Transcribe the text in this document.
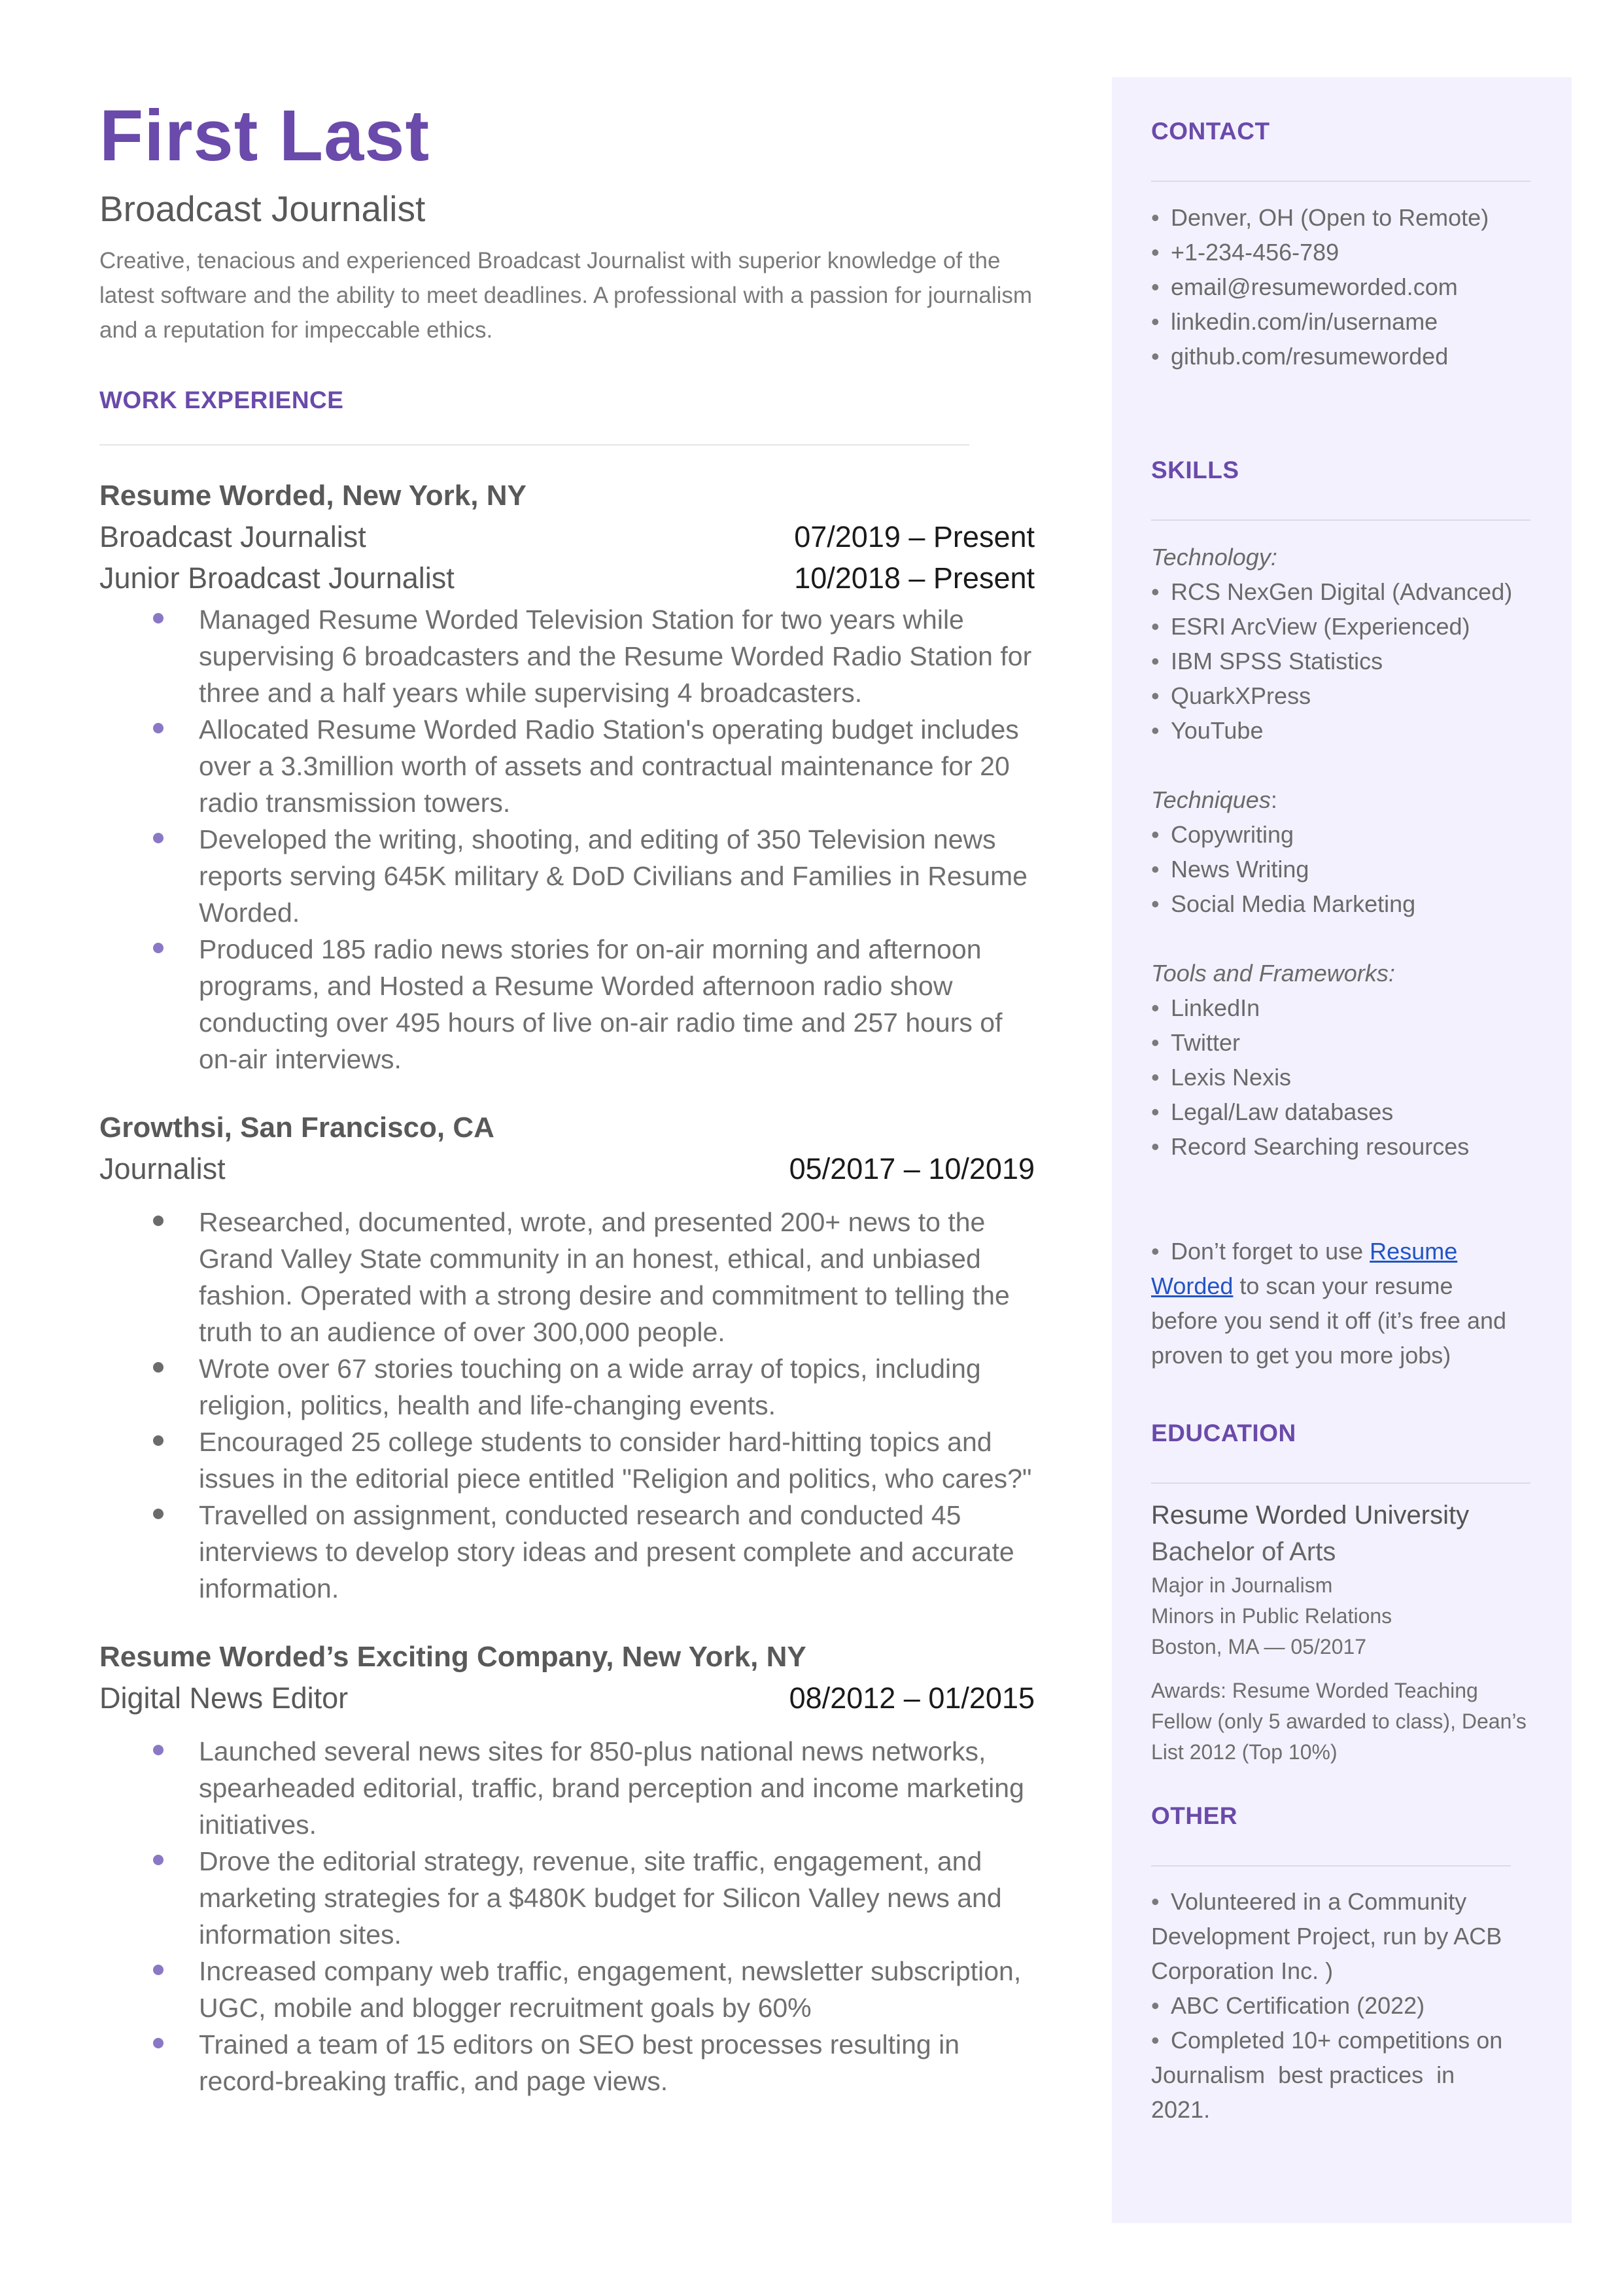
First Last
Broadcast Journalist
Creative, tenacious and experienced Broadcast Journalist with superior knowledge of the latest software and the ability to meet deadlines. A professional with a passion for journalism and a reputation for impeccable ethics.
WORK EXPERIENCE
Resume Worded, New York, NY
Broadcast Journalist	07/2019 – Present
Junior Broadcast Journalist	10/2018 – Present
Managed Resume Worded Television Station for two years while supervising 6 broadcasters and the Resume Worded Radio Station for three and a half years while supervising 4 broadcasters.
Allocated Resume Worded Radio Station's operating budget includes over a 3.3million worth of assets and contractual maintenance for 20 radio transmission towers.
Developed the writing, shooting, and editing of 350 Television news reports serving 645K military & DoD Civilians and Families in Resume Worded.
Produced 185 radio news stories for on-air morning and afternoon programs, and Hosted a Resume Worded afternoon radio show conducting over 495 hours of live on-air radio time and 257 hours of on-air interviews.
Growthsi, San Francisco, CA
Journalist	05/2017 – 10/2019
Researched, documented, wrote, and presented 200+ news to the Grand Valley State community in an honest, ethical, and unbiased fashion. Operated with a strong desire and commitment to telling the truth to an audience of over 300,000 people.
Wrote over 67 stories touching on a wide array of topics, including religion, politics, health and life-changing events.
Encouraged 25 college students to consider hard-hitting topics and issues in the editorial piece entitled "Religion and politics, who cares?"
Travelled on assignment, conducted research and conducted 45 interviews to develop story ideas and present complete and accurate information.
Resume Worded’s Exciting Company, New York, NY
Digital News Editor	08/2012 – 01/2015
Launched several news sites for 850-plus national news networks, spearheaded editorial, traffic, brand perception and income marketing initiatives.
Drove the editorial strategy, revenue, site traffic, engagement, and marketing strategies for a $480K budget for Silicon Valley news and information sites.
Increased company web traffic, engagement, newsletter subscription, UGC, mobile and blogger recruitment goals by 60%
Trained a team of 15 editors on SEO best processes resulting in record-breaking traffic, and page views.
CONTACT
• Denver, OH (Open to Remote)
• +1-234-456-789
• email@resumeworded.com
• linkedin.com/in/username
• github.com/resumeworded
SKILLS
Technology:
• RCS NexGen Digital (Advanced)
• ESRI ArcView (Experienced)
• IBM SPSS Statistics
• QuarkXPress
• YouTube
Techniques:
• Copywriting
• News Writing
• Social Media Marketing
Tools and Frameworks:
• LinkedIn
• Twitter
• Lexis Nexis
• Legal/Law databases
• Record Searching resources
• Don’t forget to use Resume
Worded to scan your resume
before you send it off (it’s free and
proven to get you more jobs)
EDUCATION
Resume Worded University
Bachelor of Arts
Major in Journalism
Minors in Public Relations
Boston, MA — 05/2017
Awards: Resume Worded Teaching
Fellow (only 5 awarded to class), Dean’s
List 2012 (Top 10%)
OTHER
• Volunteered in a Community
Development Project, run by ACB
Corporation Inc. )
• ABC Certification (2022)
• Completed 10+ competitions on
Journalism  best practices  in
2021.
